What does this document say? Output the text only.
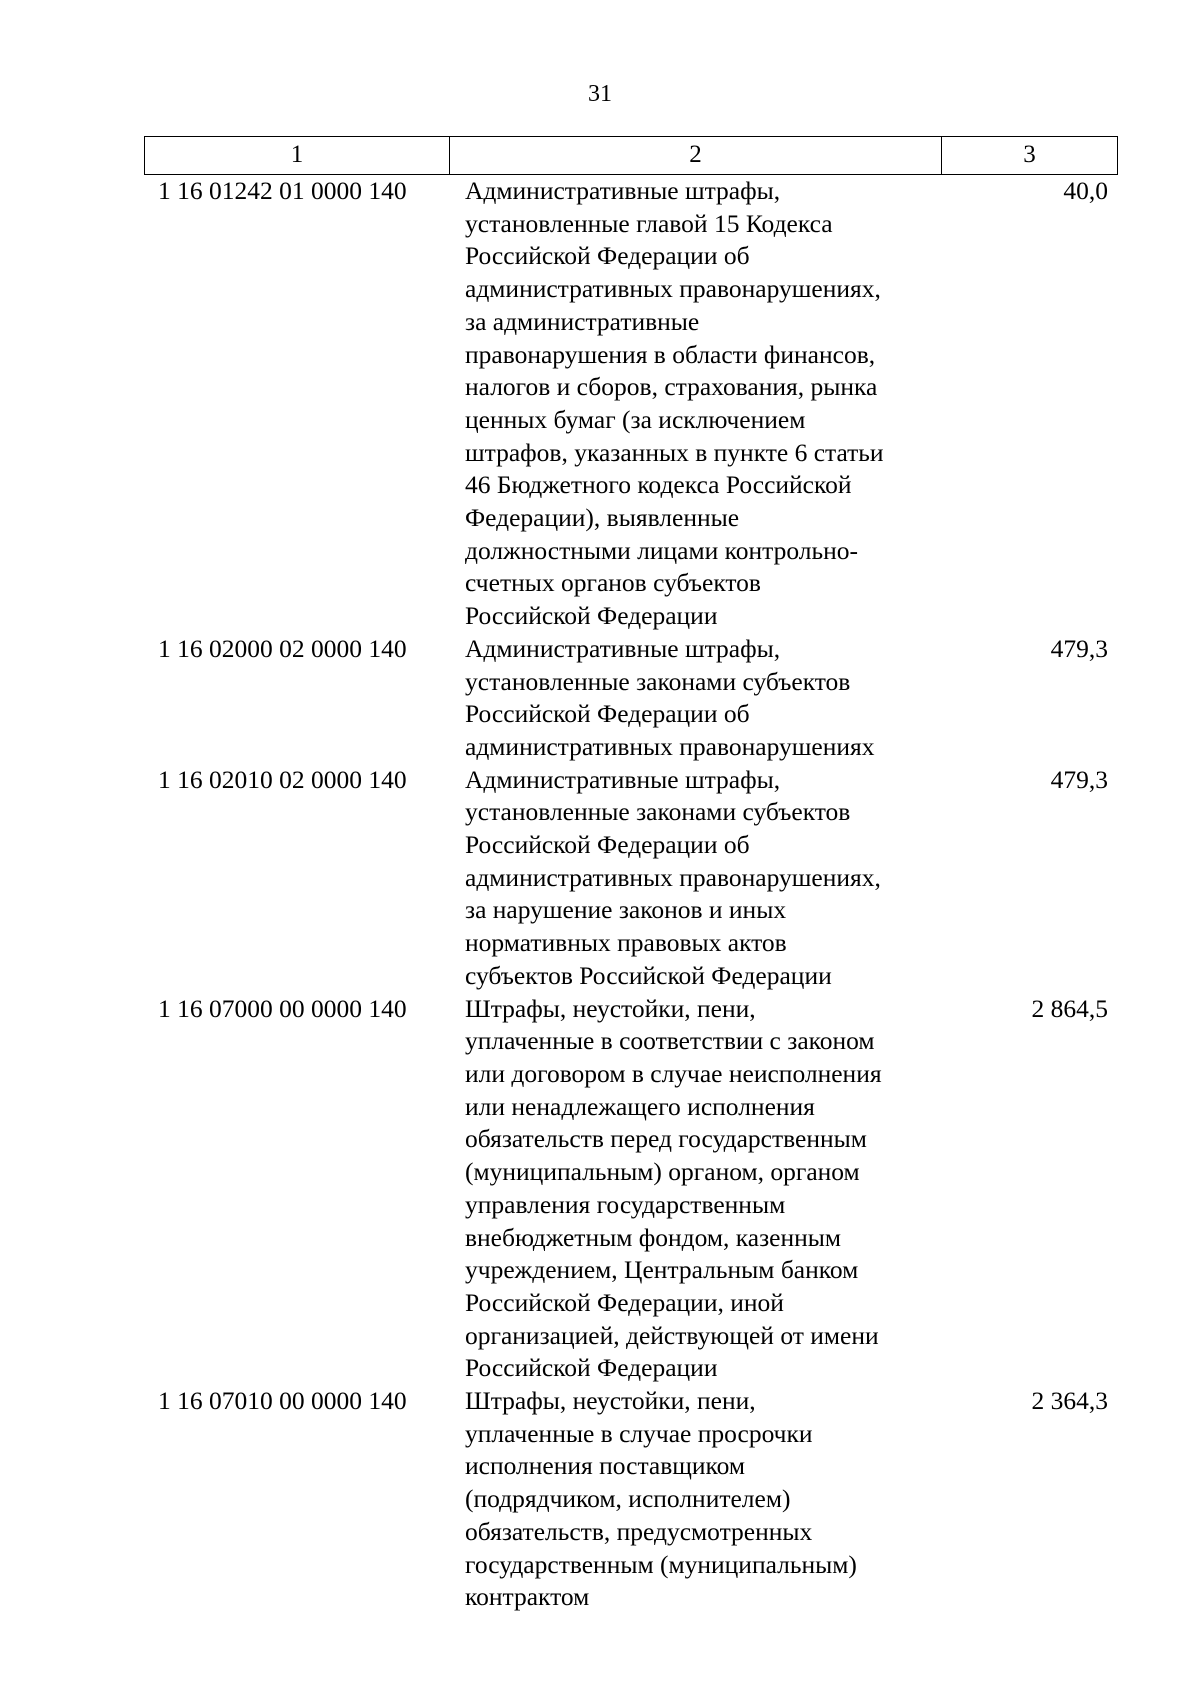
31
1	2	3
1 16 01242 01 0000 140	Административные штрафы,
установленные главой 15 Кодекса
Российской Федерации об
административных правонарушениях,
за административные
правонарушения в области финансов,
налогов и сборов, страхования, рынка
ценных бумаг (за исключением
штрафов, указанных в пункте 6 статьи
46 Бюджетного кодекса Российской
Федерации), выявленные
должностными лицами контрольно-
счетных органов субъектов
Российской Федерации
40,0
1 16 02000 02 0000 140	Административные штрафы,
установленные законами субъектов
Российской Федерации об
административных правонарушениях
479,3
1 16 02010 02 0000 140	Административные штрафы,
установленные законами субъектов
Российской Федерации об
административных правонарушениях,
за нарушение законов и иных
нормативных правовых актов
субъектов Российской Федерации
479,3
1 16 07000 00 0000 140	Штрафы, неустойки, пени,
уплаченные в соответствии с законом
или договором в случае неисполнения
или ненадлежащего исполнения
обязательств перед государственным
(муниципальным) органом, органом
управления государственным
внебюджетным фондом, казенным
учреждением, Центральным банком
Российской Федерации, иной
организацией, действующей от имени
Российской Федерации
2 864,5
1 16 07010 00 0000 140	Штрафы, неустойки, пени,
уплаченные в случае просрочки
исполнения поставщиком
(подрядчиком, исполнителем)
обязательств, предусмотренных
государственным (муниципальным)
контрактом
2 364,3
